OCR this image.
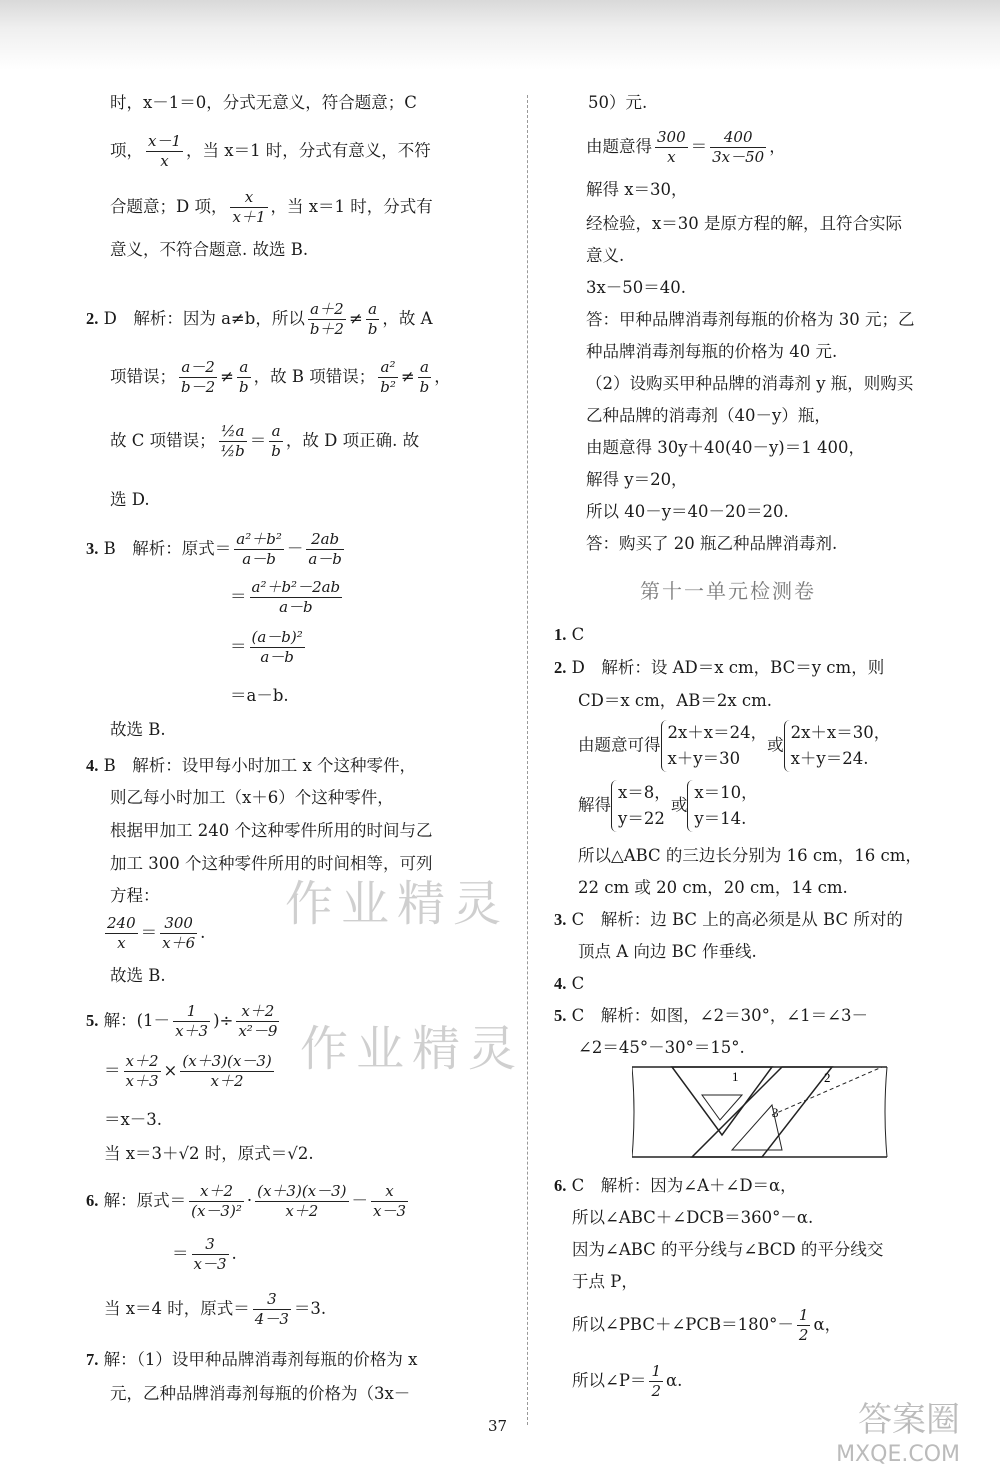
时，x－1＝0，分式无意义，符合题意；C
项， $\frac{x-1}{x}$ ，当 x＝1 时，分式有意义，不符
合题意；D 项， $\frac{x}{x+1}$ ，当 x＝1 时，分式有
意义，不符合题意. 故选 B.
2. D　解析：因为 a≠b，所以 $\frac{a+2}{b+2} \ne \frac{a}{b}$ ，故 A
项错误； $\frac{a-2}{b-2} \ne \frac{a}{b}$ ，故 B 项错误； $\frac{\text{a²}}{\text{b²}} \ne \frac{a}{b}$ ，
故 C 项错误； $\frac{\text{½a}}{\text{½b}} = \frac{a}{b}$ ，故 D 项正确. 故
选 D.
3. B　解析：原式＝ $\frac{\text{a²＋b²}}{a-b} - \frac{2ab}{a-b}$
＝ $\frac{\text{a²＋b²－2ab}}{a-b}$
＝ $\frac{\text{(a－b)²}}{a-b}$
＝a－b.
故选 B.
4. B　解析：设甲每小时加工 x 个这种零件，
则乙每小时加工（x＋6）个这种零件，
根据甲加工 240 个这种零件所用的时间与乙
加工 300 个这种零件所用的时间相等，可列
方程：
$\frac{240}{x} = \frac{300}{x+6}$ .
故选 B.
5. 解：($1- \frac{1}{x+3}$ )÷ $\frac{x+2}{\text{x²－9}}$
＝ $\frac{x+2}{x+3} \times \frac{(x+3)(x-3)}{x+2}$
＝x－3.
当 x＝3＋√2 时，原式＝√2.
6. 解：原式＝ $\frac{x+2}{\text{(x－3)²}} \cdot \frac{(x+3)(x-3)}{x+2} - \frac{x}{x-3}$
＝ $\frac{3}{x-3}$ .
当 x＝4 时，原式＝ $\frac{3}{4-3} =3$.
7. 解：（1）设甲种品牌消毒剂每瓶的价格为 x
元，乙种品牌消毒剂每瓶的价格为（3x－
50）元.
由题意得 $\frac{300}{x} = \frac{400}{3x-50}$ ，
解得 x＝30，
经检验，x＝30 是原方程的解，且符合实际
意义.
3x－50＝40.
答：甲种品牌消毒剂每瓶的价格为 30 元；乙
种品牌消毒剂每瓶的价格为 40 元.
（2）设购买甲种品牌的消毒剂 y 瓶，则购买
乙种品牌的消毒剂（40－y）瓶，
由题意得 30y＋40(40－y)＝1 400，
解得 y＝20，
所以 40－y＝40－20＝20.
答：购买了 20 瓶乙种品牌消毒剂.
1. C
2. D　解析：设 AD＝x cm，BC＝y cm，则
CD＝x cm，AB＝2x cm.
由题意可得2x＋x＝24，
x＋y＝30或2x＋x＝30，
x＋y＝24.
解得x＝8，
y＝22或x＝10，
y＝14.
所以△ABC 的三边长分别为 16 cm，16 cm，
22 cm 或 20 cm，20 cm，14 cm.
3. C　解析：边 BC 上的高必须是从 BC 所对的
顶点 A 向边 BC 作垂线.
4. C
5. C　解析：如图，∠2＝30°，∠1＝∠3－
∠2＝45°－30°＝15°.
1	2
3
6. C　解析：因为∠A＋∠D＝α，
所以∠ABC＋∠DCB＝360°－α.
因为∠ABC 的平分线与∠BCD 的平分线交
于点 P，
所以∠PBC＋∠PCB＝180°－ $\frac{1}{2}$ α，
所以∠P＝ $\frac{1}{2} \alpha$.
第十一单元检测卷
作业精灵
作业精灵
答案圈
MXQE.COM
37
